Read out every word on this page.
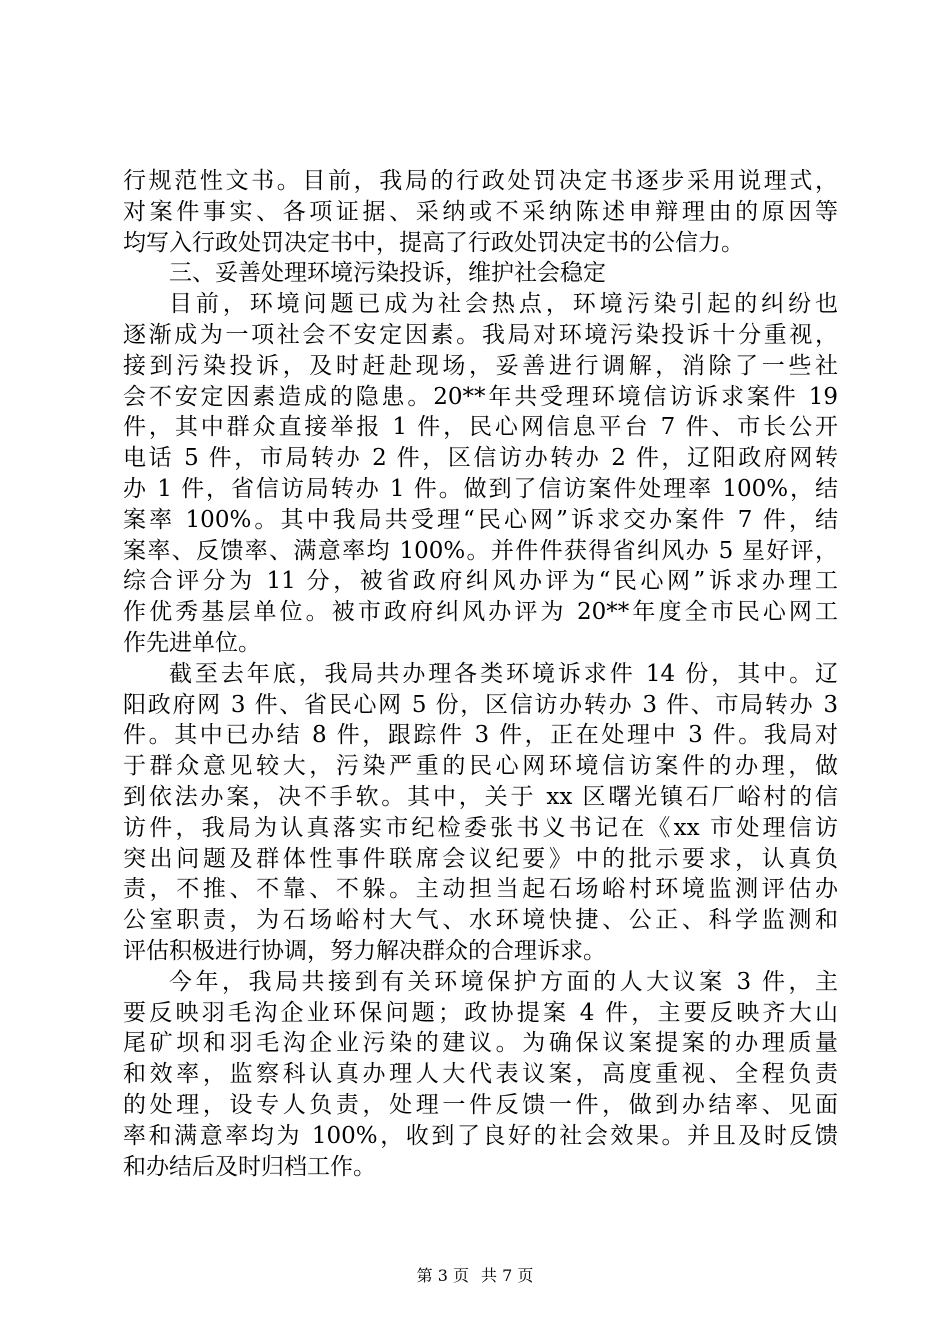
行规范性文书。目前，我局的行政处罚决定书逐步采用说理式，
对案件事实、各项证据、采纳或不采纳陈述申辩理由的原因等
均写入行政处罚决定书中，提高了行政处罚决定书的公信力。
三、妥善处理环境污染投诉，维护社会稳定
目前，环境问题已成为社会热点，环境污染引起的纠纷也
逐渐成为一项社会不安定因素。我局对环境污染投诉十分重视，
接到污染投诉，及时赶赴现场，妥善进行调解，消除了一些社
会不安定因素造成的隐患。20**年共受理环境信访诉求案件 19
件，其中群众直接举报 1 件，民心网信息平台 7 件、市长公开
电话 5 件，市局转办 2 件，区信访办转办 2 件，辽阳政府网转
办 1 件，省信访局转办 1 件。做到了信访案件处理率 100%，结
案率 100%。其中我局共受理“民心网”诉求交办案件 7 件，结
案率、反馈率、满意率均 100%。并件件获得省纠风办 5 星好评，
综合评分为 11 分，被省政府纠风办评为“民心网”诉求办理工
作优秀基层单位。被市政府纠风办评为 20**年度全市民心网工
作先进单位。
截至去年底，我局共办理各类环境诉求件 14 份，其中。辽
阳政府网 3 件、省民心网 5 份，区信访办转办 3 件、市局转办 3
件。其中已办结 8 件，跟踪件 3 件，正在处理中 3 件。我局对
于群众意见较大，污染严重的民心网环境信访案件的办理，做
到依法办案，决不手软。其中，关于 xx 区曙光镇石厂峪村的信
访件，我局为认真落实市纪检委张书义书记在《xx 市处理信访
突出问题及群体性事件联席会议纪要》中的批示要求，认真负
责，不推、不靠、不躲。主动担当起石场峪村环境监测评估办
公室职责，为石场峪村大气、水环境快捷、公正、科学监测和
评估积极进行协调，努力解决群众的合理诉求。
今年，我局共接到有关环境保护方面的人大议案 3 件，主
要反映羽毛沟企业环保问题；政协提案 4 件，主要反映齐大山
尾矿坝和羽毛沟企业污染的建议。为确保议案提案的办理质量
和效率，监察科认真办理人大代表议案，高度重视、全程负责
的处理，设专人负责，处理一件反馈一件，做到办结率、见面
率和满意率均为 100%，收到了良好的社会效果。并且及时反馈
和办结后及时归档工作。
第 3 页 共 7 页
